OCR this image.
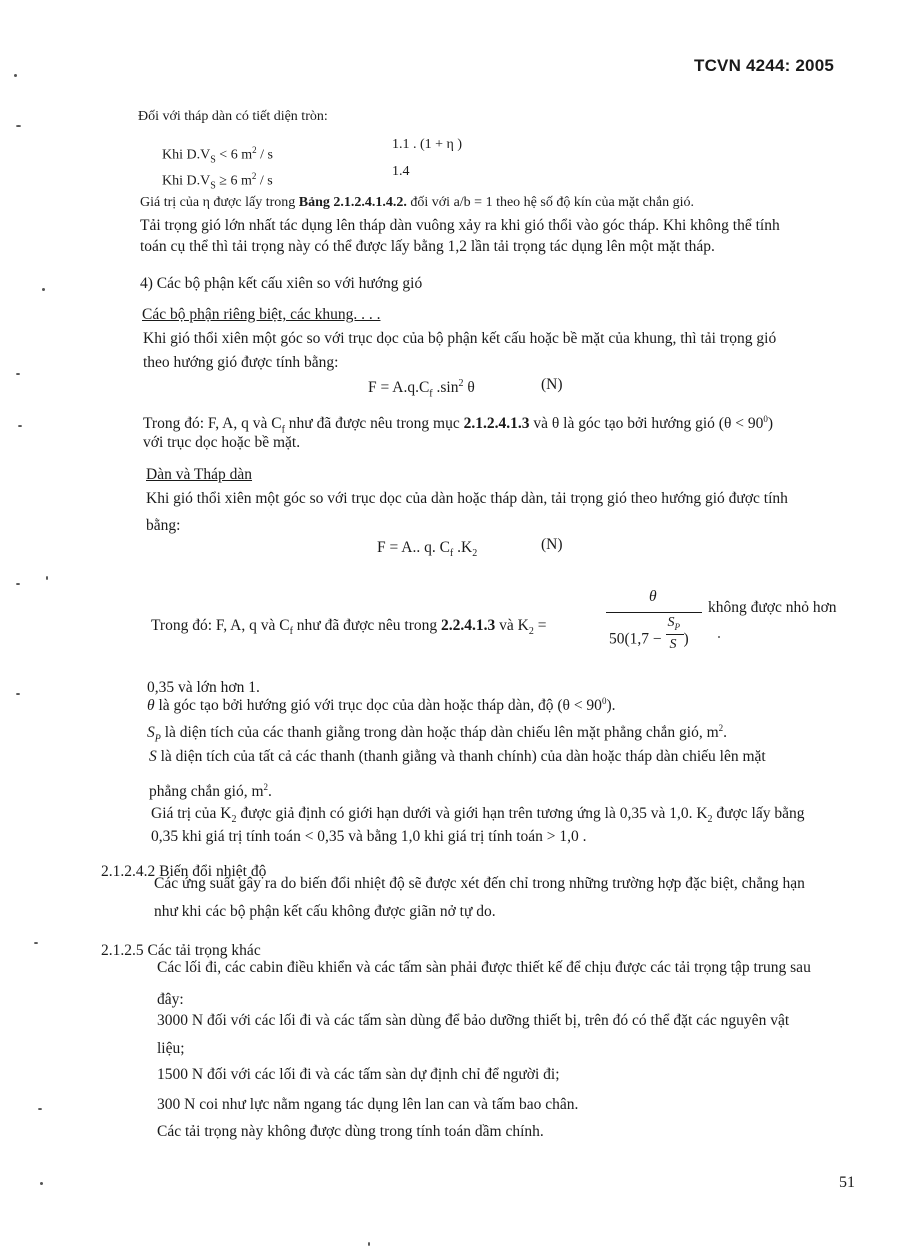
TCVN 4244: 2005
Đối với tháp dàn có tiết diện tròn:
Khi $D.V_S < 6$ $m^2$ / s
1.1 . (1 + η )
Khi $D.V_S \ge 6$ $m^2$ / s
1.4
Giá trị của η được lấy trong Bảng 2.1.2.4.1.4.2. đối với a/b = 1 theo hệ số độ kín của mặt chắn gió.
Tải trọng gió lớn nhất tác dụng lên tháp dàn vuông xảy ra khi gió thổi vào góc tháp. Khi không thể tính
toán cụ thể thì tải trọng này có thể được lấy bằng 1,2 lần tải trọng tác dụng lên một mặt tháp.
4) Các bộ phận kết cấu xiên so với hướng gió
Các bộ phận riêng biệt, các khung. . . .
Khi gió thổi xiên một góc so với trục dọc của bộ phận kết cấu hoặc bề mặt của khung, thì tải trọng gió
theo hướng gió được tính bằng:
$F = A.q.C_f$ $.\sin^2$ θ	(N)
Trong đó: F, A, q và $C_f$ như đã được nêu trong mục 2.1.2.4.1.3 và θ là góc tạo bởi hướng gió $(\theta < 90^0)$
với trục dọc hoặc bề mặt.
Dàn và Tháp dàn
Khi gió thổi xiên một góc so với trục dọc của dàn hoặc tháp dàn, tải trọng gió theo hướng gió được tính
bằng:
F = A.. q. $C_f$ $.K_2$
(N)
Trong đó: F, A, q và $C_f$ như đã được nêu trong 2.2.4.1.3 và $K_2$ =
θ
$50(1,7 - \frac{S_P}{S}$ )
không được nhỏ hơn
0,35 và lớn hơn 1.
θ là góc tạo bởi hướng gió với trục dọc của dàn hoặc tháp dàn, độ $(\theta < 90^0)$.
$S_P$ là diện tích của các thanh giằng trong dàn hoặc tháp dàn chiếu lên mặt phẳng chắn gió, $m^2$.
S là diện tích của tất cả các thanh (thanh giằng và thanh chính) của dàn hoặc tháp dàn chiếu lên mặt
phẳng chắn gió, $m^2$.
Giá trị của $K_2$ được giả định có giới hạn dưới và giới hạn trên tương ứng là 0,35 và 1,0. $K_2$ được lấy bằng
0,35 khi giá trị tính toán < 0,35 và bằng 1,0 khi giá trị tính toán > 1,0 .
2.1.2.4.2 Biến đổi nhiệt độ
Các ứng suất gây ra do biến đổi nhiệt độ sẽ được xét đến chỉ trong những trường hợp đặc biệt, chẳng hạn
như khi các bộ phận kết cấu không được giãn nở tự do.
2.1.2.5 Các tải trọng khác
Các lối đi, các cabin điều khiển và các tấm sàn phải được thiết kế để chịu được các tải trọng tập trung sau
đây:
3000 N đối với các lối đi và các tấm sàn dùng để bảo dưỡng thiết bị, trên đó có thể đặt các nguyên vật
liệu;
1500 N đối với các lối đi và các tấm sàn dự định chỉ để người đi;
300 N coi như lực nằm ngang tác dụng lên lan can và tấm bao chân.
Các tải trọng này không được dùng trong tính toán dầm chính.
51
